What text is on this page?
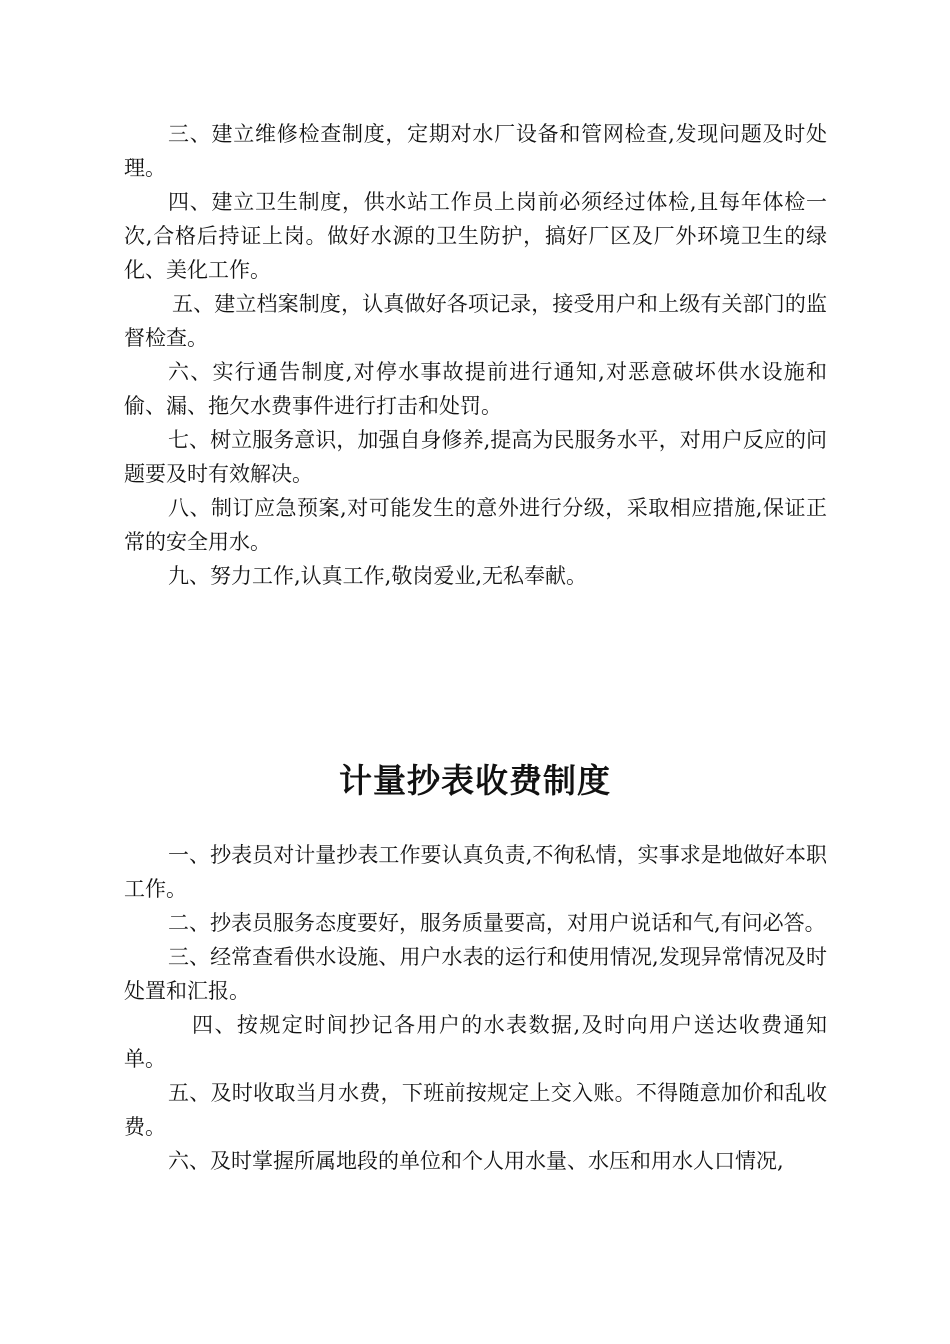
三、建立维修检查制度，定期对水厂设备和管网检查,发现问题及时处理。

四、建立卫生制度，供水站工作员上岗前必须经过体检,且每年体检一次,合格后持证上岗。做好水源的卫生防护，搞好厂区及厂外环境卫生的绿化、美化工作。

五、建立档案制度，认真做好各项记录，接受用户和上级有关部门的监督检查。

六、实行通告制度,对停水事故提前进行通知,对恶意破坏供水设施和偷、漏、拖欠水费事件进行打击和处罚。

七、树立服务意识，加强自身修养,提高为民服务水平，对用户反应的问题要及时有效解决。

八、制订应急预案,对可能发生的意外进行分级，采取相应措施,保证正常的安全用水。

九、努力工作,认真工作,敬岗爱业,无私奉献。

计量抄表收费制度

一、抄表员对计量抄表工作要认真负责,不徇私情，实事求是地做好本职工作。

二、抄表员服务态度要好，服务质量要高，对用户说话和气,有问必答。

三、经常查看供水设施、用户水表的运行和使用情况,发现异常情况及时处置和汇报。

四、按规定时间抄记各用户的水表数据,及时向用户送达收费通知单。

五、及时收取当月水费，下班前按规定上交入账。不得随意加价和乱收费。

六、及时掌握所属地段的单位和个人用水量、水压和用水人口情况,
